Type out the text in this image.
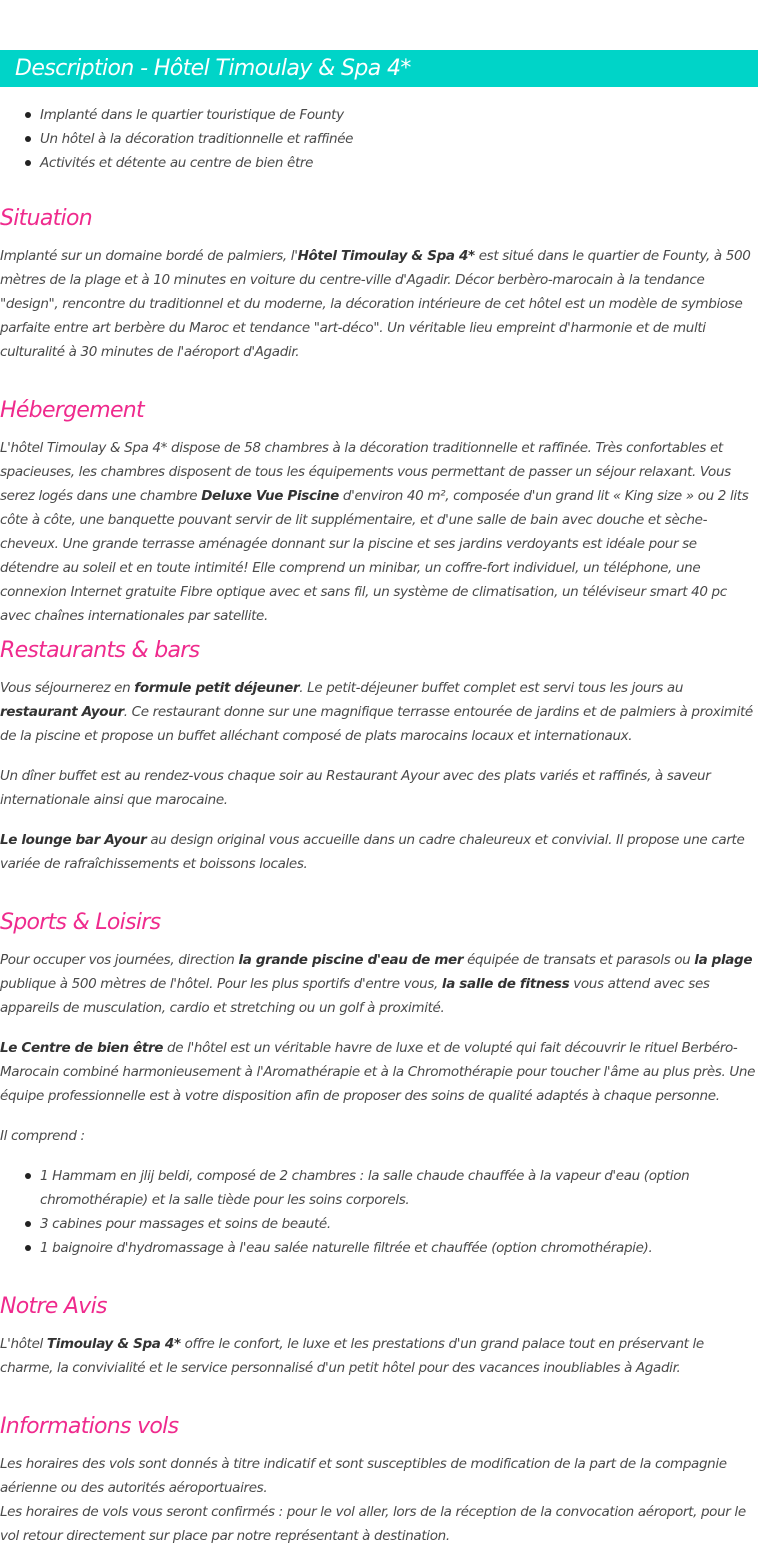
Description - Hôtel Timoulay & Spa 4*
Implanté dans le quartier touristique de Founty
Un hôtel à la décoration traditionnelle et raffinée
Activités et détente au centre de bien être
Situation

Implanté sur un domaine bordé de palmiers, l'Hôtel Timoulay & Spa 4* est situé dans le quartier de Founty, à 500 mètres de la plage et à 10 minutes en voiture du centre-ville d'Agadir. Décor berbèro-marocain à la tendance "design", rencontre du traditionnel et du moderne, la décoration intérieure de cet hôtel est un modèle de symbiose parfaite entre art berbère du Maroc et tendance "art-déco". Un véritable lieu empreint d'harmonie et de multi culturalité à 30 minutes de l'aéroport d'Agadir.

Hébergement

L'hôtel Timoulay & Spa 4* dispose de 58 chambres à la décoration traditionnelle et raffinée. Très confortables et spacieuses, les chambres disposent de tous les équipements vous permettant de passer un séjour relaxant. Vous serez logés dans une chambre Deluxe Vue Piscine d'environ 40 m², composée d'un grand lit « King size » ou 2 lits côte à côte, une banquette pouvant servir de lit supplémentaire, et d'une salle de bain avec douche et sèche-cheveux. Une grande terrasse aménagée donnant sur la piscine et ses jardins verdoyants est idéale pour se détendre au soleil et en toute intimité! Elle comprend un minibar, un coffre-fort individuel, un téléphone, une connexion Internet gratuite Fibre optique avec et sans fil, un système de climatisation, un téléviseur smart 40 pc avec chaînes internationales par satellite.

Restaurants & bars

Vous séjournerez en formule petit déjeuner. Le petit-déjeuner buffet complet est servi tous les jours au restaurant Ayour. Ce restaurant donne sur une magnifique terrasse entourée de jardins et de palmiers à proximité de la piscine et propose un buffet alléchant composé de plats marocains locaux et internationaux.

Un dîner buffet est au rendez-vous chaque soir au Restaurant Ayour avec des plats variés et raffinés, à saveur internationale ainsi que marocaine.

Le lounge bar Ayour au design original vous accueille dans un cadre chaleureux et convivial. Il propose une carte variée de rafraîchissements et boissons locales.

Sports & Loisirs

Pour occuper vos journées, direction la grande piscine d'eau de mer équipée de transats et parasols ou la plage publique à 500 mètres de l'hôtel. Pour les plus sportifs d'entre vous, la salle de fitness vous attend avec ses appareils de musculation, cardio et stretching ou un golf à proximité.

Le Centre de bien être de l'hôtel est un véritable havre de luxe et de volupté qui fait découvrir le rituel Berbéro-Marocain combiné harmonieusement à l'Aromathérapie et à la Chromothérapie pour toucher l'âme au plus près. Une équipe professionnelle est à votre disposition afin de proposer des soins de qualité adaptés à chaque personne.

Il comprend :

1 Hammam en jlij beldi, composé de 2 chambres : la salle chaude chauffée à la vapeur d'eau (option chromothérapie) et la salle tiède pour les soins corporels.
3 cabines pour massages et soins de beauté.
1 baignoire d'hydromassage à l'eau salée naturelle filtrée et chauffée (option chromothérapie).
Notre Avis

L'hôtel Timoulay & Spa 4* offre le confort, le luxe et les prestations d'un grand palace tout en préservant le charme, la convivialité et le service personnalisé d'un petit hôtel pour des vacances inoubliables à Agadir.

Informations vols

Les horaires des vols sont donnés à titre indicatif et sont susceptibles de modification de la part de la compagnie aérienne ou des autorités aéroportuaires.

Les horaires de vols vous seront confirmés : pour le vol aller, lors de la réception de la convocation aéroport, pour le vol retour directement sur place par notre représentant à destination.
